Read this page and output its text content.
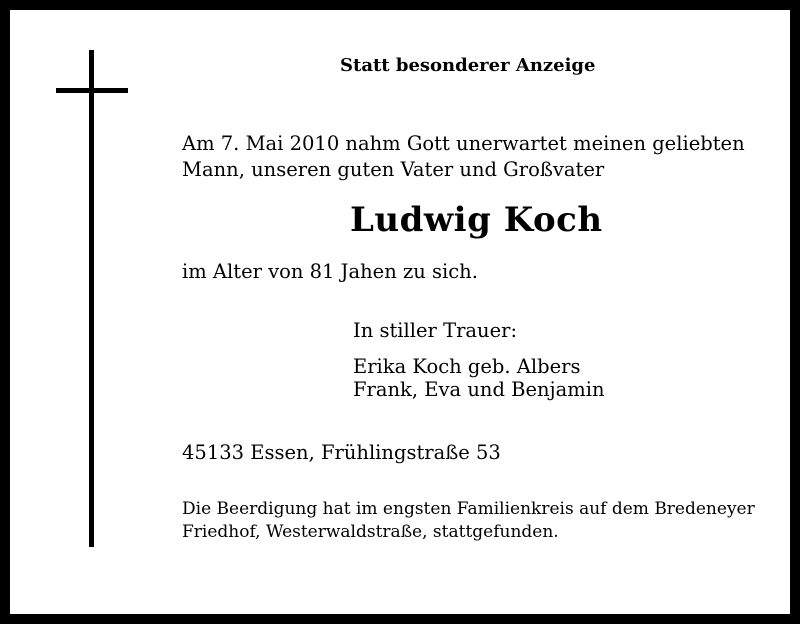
Statt besonderer Anzeige
Am 7. Mai 2010 nahm Gott unerwartet meinen geliebten
Mann, unseren guten Vater und Großvater
Ludwig Koch
im Alter von 81 Jahen zu sich.
In stiller Trauer:
Erika Koch geb. Albers
Frank, Eva und Benjamin
45133 Essen, Frühlingstraße 53
Die Beerdigung hat im engsten Familienkreis auf dem Bredeneyer
Friedhof, Westerwaldstraße, stattgefunden.
